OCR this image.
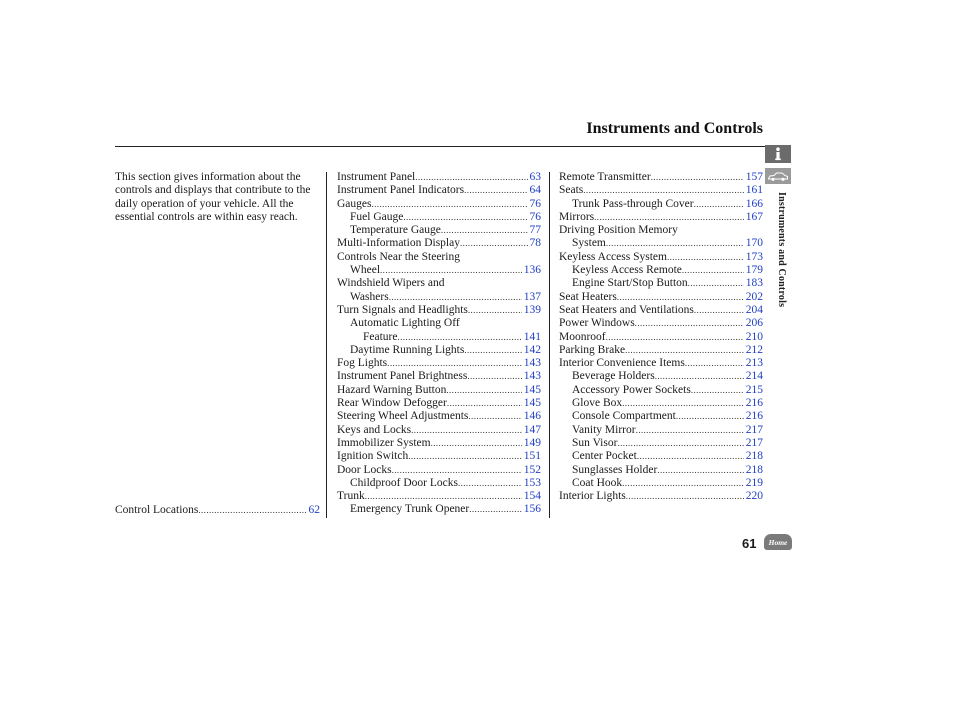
Instruments and Controls
This section gives information about the controls and displays that contribute to the daily operation of your vehicle. All the essential controls are within easy reach.
Control Locations .....	62
Instrument Panel .....	63
Instrument Panel Indicators .....	64
Gauges .....	76
Fuel Gauge .....	76
Temperature Gauge .....	77
Multi-Information Display .....	78
Controls Near the Steering
Wheel .....	136
Windshield Wipers and
Washers .....	137
Turn Signals and Headlights .....	139
Automatic Lighting Off
Feature .....	141
Daytime Running Lights .....	142
Fog Lights .....	143
Instrument Panel Brightness .....	143
Hazard Warning Button .....	145
Rear Window Defogger .....	145
Steering Wheel Adjustments .....	146
Keys and Locks .....	147
Immobilizer System .....	149
Ignition Switch .....	151
Door Locks .....	152
Childproof Door Locks .....	153
Trunk .....	154
Emergency Trunk Opener .....	156
Remote Transmitter .....	157
Seats .....	161
Trunk Pass-through Cover .....	166
Mirrors .....	167
Driving Position Memory
System .....	170
Keyless Access System .....	173
Keyless Access Remote .....	179
Engine Start/Stop Button .....	183
Seat Heaters .....	202
Seat Heaters and Ventilations .....	204
Power Windows .....	206
Moonroof .....	210
Parking Brake .....	212
Interior Convenience Items .....	213
Beverage Holders .....	214
Accessory Power Sockets .....	215
Glove Box .....	216
Console Compartment .....	216
Vanity Mirror .....	217
Sun Visor .....	217
Center Pocket .....	218
Sunglasses Holder .....	218
Coat Hook .....	219
Interior Lights .....	220
Instruments and Controls
61 Home
